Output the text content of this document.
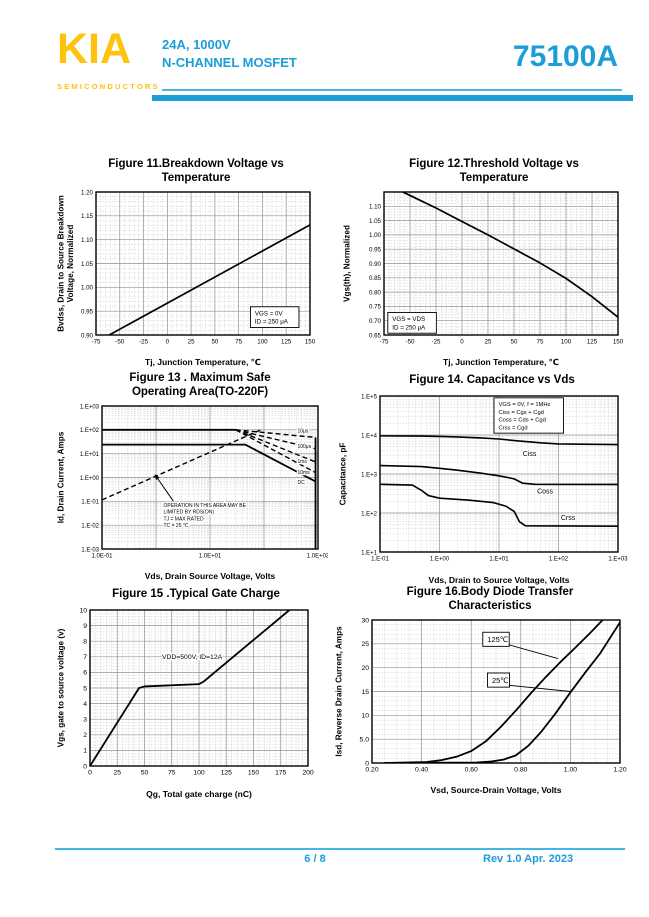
KIA
SEMICONDUCTORS
24A, 1000V
N-CHANNEL MOSFET	75100A
Figure 11.Breakdown Voltage vs
Temperature
-75 -50 -25	0	25	50	75 100 125 150
0.90
0.95
1.00
1.05
1.10
1.15
1.20
Tj, Junction Temperature, ℃
Bvdss, Drain to Source Breakdown Voltage, Normalized
VGS = 0V
ID = 250 μA
Figure 12.Threshold Voltage vs
Temperature
-75	-50	-25	0	25	50	75	100	125	150
0.65
0.70
0.75
0.80
0.85
0.90
0.95
1.00
1.05
1.10
Tj, Junction Temperature, ℃
Vgs(th), Normalized
VGS = VDS
ID = 250 μA
Figure 13 . Maximum Safe
Operating Area(TO-220F)
1.0E-01	1.0E+01	1.0E+03
1.E-03
1.E-02
1.E-01
1.E+00
1.E+01
1.E+02
1.E+03
Vds, Drain Source Voltage, Volts
Id, Drain Current, Amps	OPERATION IN THIS AREA MAY BE
LIMITED BY RDS(ON)
TJ = MAX RATED
TC = 25 ℃
10μs
100μs
1ms
10ms
DC
Figure 14. Capacitance vs Vds
1.E-01	1.E+00	1.E+01	1.E+02	1.E+03
1.E+1
1.E+2
1.E+3
1.E+4
1.E+5
Vds, Drain to Source Voltage, Volts
Capacitance, pF
VGS = 0V, f = 1MHz
Ciss = Cgs + Cgd
Coss = Cds + Cgd
Crss = Cgd
Ciss
Coss
Crss
Figure 15 .Typical Gate Charge
0	25	50	75	100 125 150 175 200
0
1
2
3
4
5
6
7
8
9
10
Qg, Total gate charge (nC)
Vgs, gate to source voltage (v)	VDD=500V, ID=12A
Figure 16.Body Diode Transfer
Characteristics
0.20	0.40	0.60	0.80	1.00	1.20
0
5.0
10
15
20
25
30
Vsd, Source-Drain Voltage, Volts
Isd, Reverse Drain Current, Amps	125℃
25℃
6 / 8	Rev 1.0 Apr. 2023
